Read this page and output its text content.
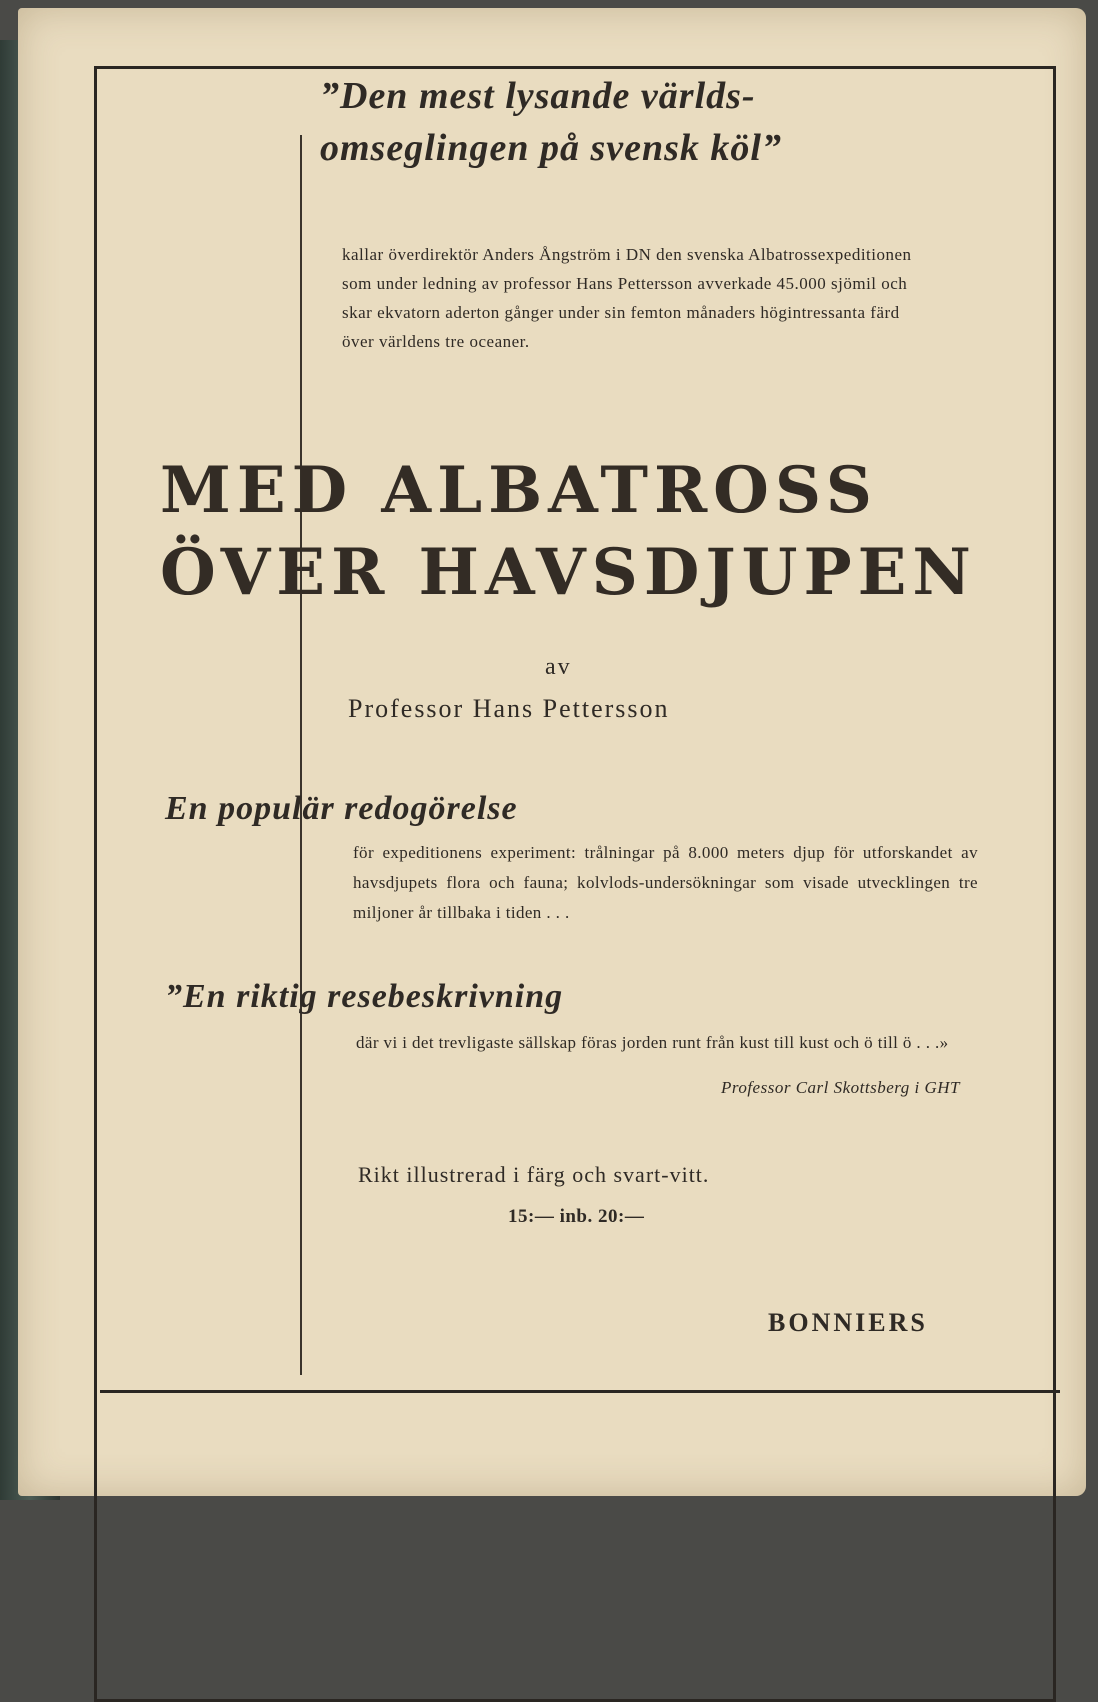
”Den mest lysande världs-
omseglingen på svensk köl”

kallar överdirektör Anders Ångström i DN den svenska Albatrossexpeditionen som under ledning av professor Hans Pettersson avverkade 45.000 sjömil och skar ekvatorn aderton gånger under sin femton månaders högintressanta färd över världens tre oceaner.

MED ALBATROSS
ÖVER HAVSDJUPEN

av

Professor Hans Pettersson

En populär redogörelse

för expeditionens experiment: trålningar på 8.000 meters djup för utforskandet av havsdjupets flora och fauna; kolvlods-undersökningar som visade utvecklingen tre miljoner år tillbaka i tiden . . .

”En riktig resebeskrivning

där vi i det trevligaste sällskap föras jorden runt från kust till kust och ö till ö . . .»

Professor Carl Skottsberg i GHT

Rikt illustrerad i färg och svart-vitt.

15:— inb. 20:—

BONNIERS
